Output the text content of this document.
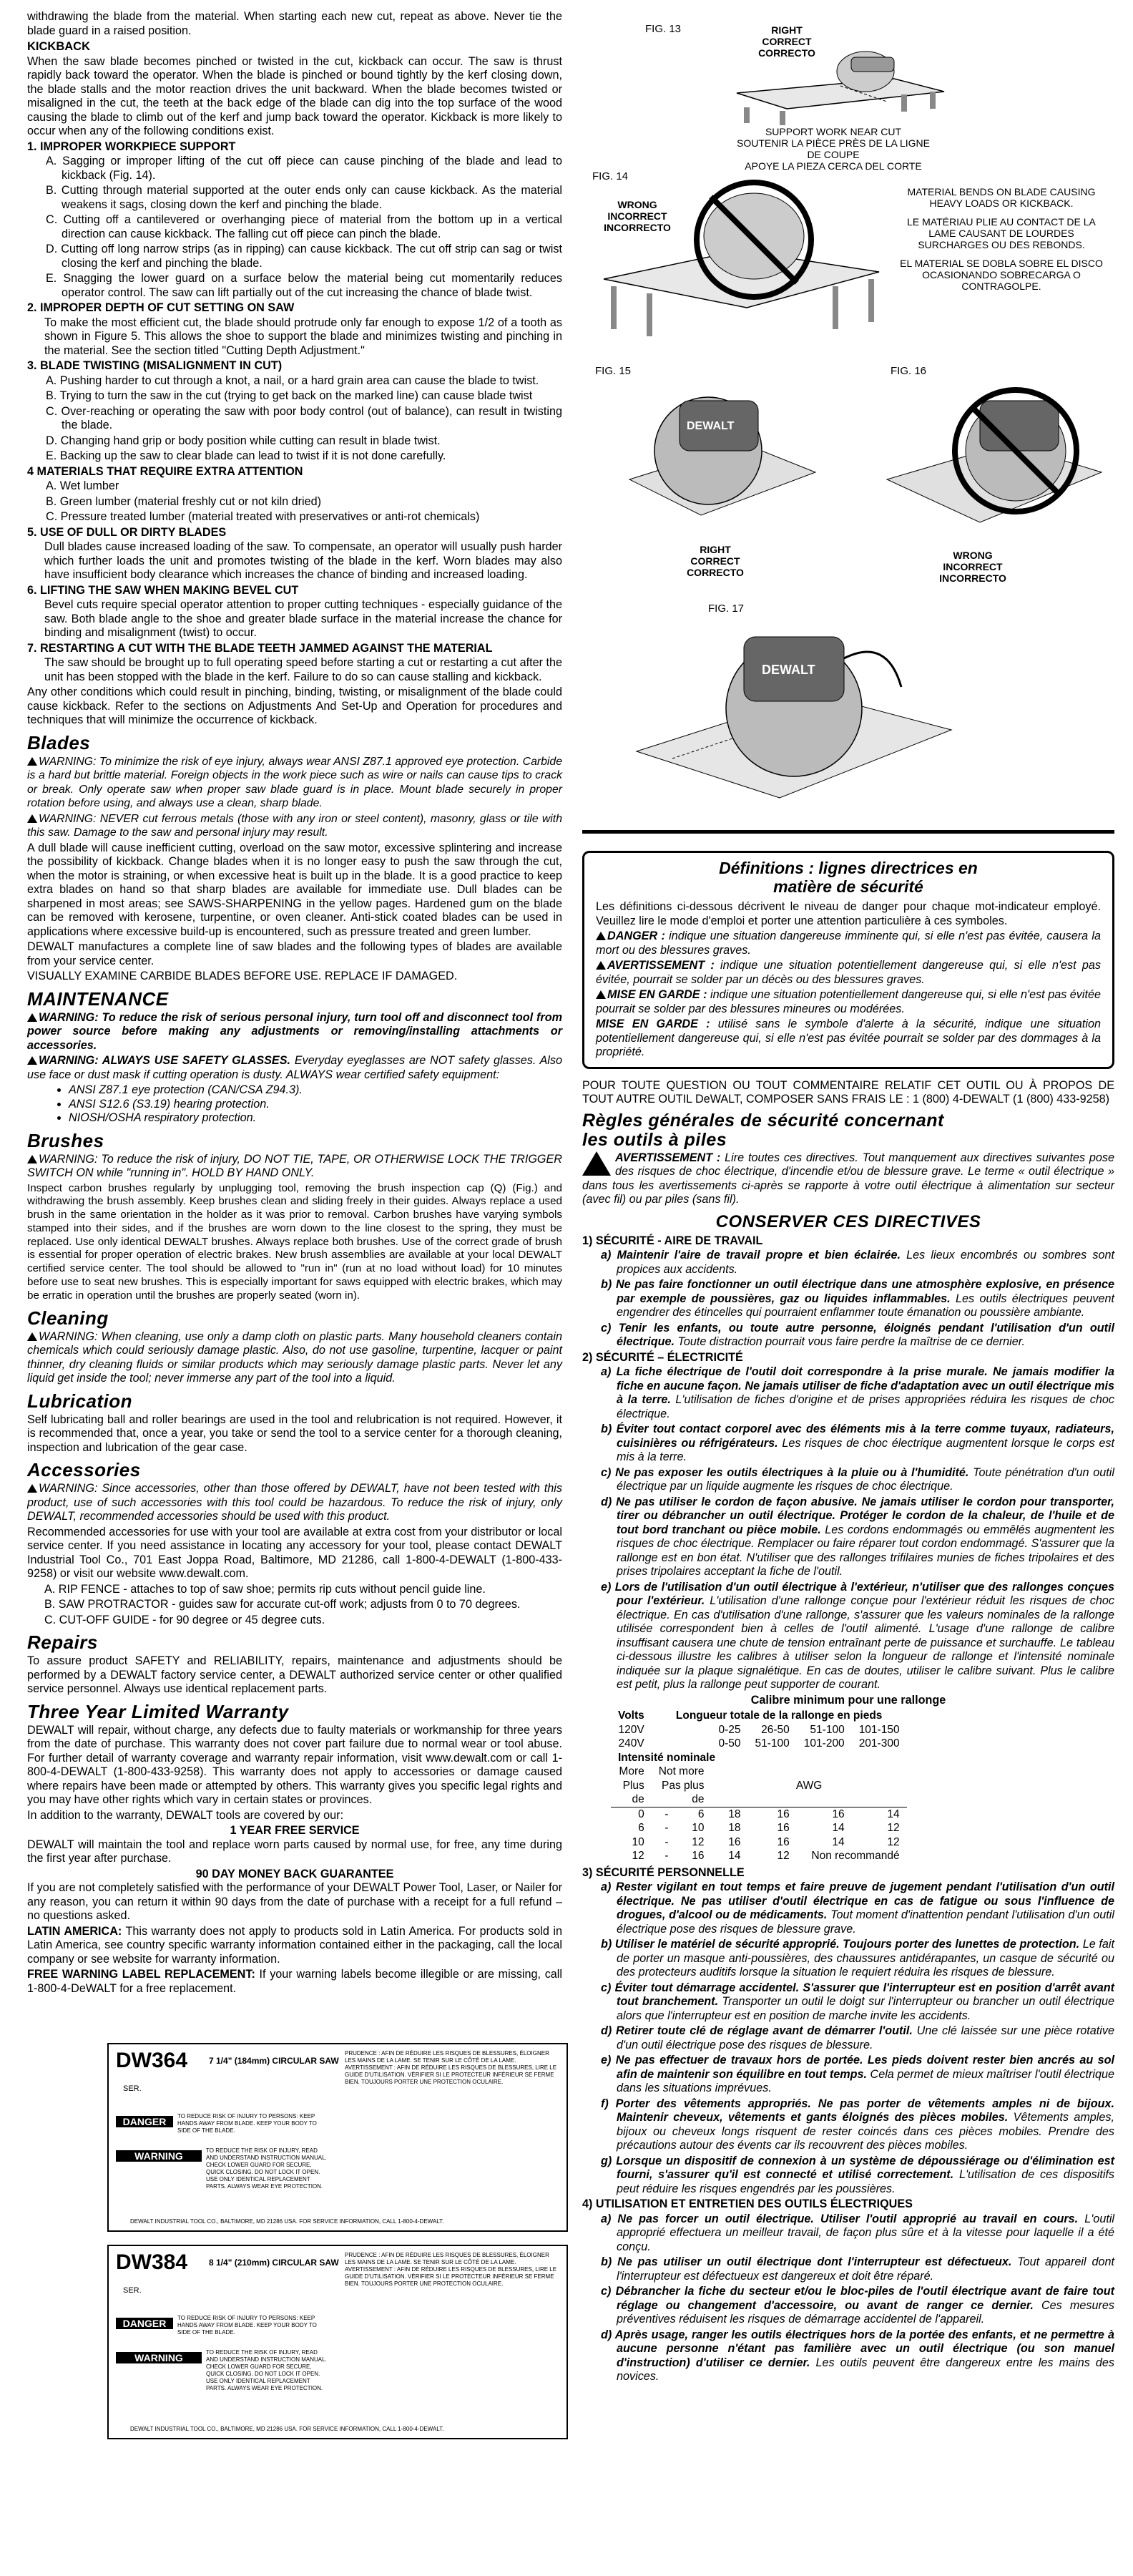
withdrawing the blade from the material. When starting each new cut, repeat as above. Never tie the blade guard in a raised position.

KICKBACK

When the saw blade becomes pinched or twisted in the cut, kickback can occur. The saw is thrust rapidly back toward the operator. When the blade is pinched or bound tightly by the kerf closing down, the blade stalls and the motor reaction drives the unit backward. When the blade becomes twisted or misaligned in the cut, the teeth at the back edge of the blade can dig into the top surface of the wood causing the blade to climb out of the kerf and jump back toward the operator. Kickback is more likely to occur when any of the following conditions exist.

1. IMPROPER WORKPIECE SUPPORT

A. Sagging or improper lifting of the cut off piece can cause pinching of the blade and lead to kickback (Fig. 14).

B. Cutting through material supported at the outer ends only can cause kickback. As the material weakens it sags, closing down the kerf and pinching the blade.

C. Cutting off a cantilevered or overhanging piece of material from the bottom up in a vertical direction can cause kickback. The falling cut off piece can pinch the blade.

D. Cutting off long narrow strips (as in ripping) can cause kickback. The cut off strip can sag or twist closing the kerf and pinching the blade.

E. Snagging the lower guard on a surface below the material being cut momentarily reduces operator control. The saw can lift partially out of the cut increasing the chance of blade twist.

2. IMPROPER DEPTH OF CUT SETTING ON SAW

To make the most efficient cut, the blade should protrude only far enough to expose 1/2 of a tooth as shown in Figure 5. This allows the shoe to support the blade and minimizes twisting and pinching in the material. See the section titled "Cutting Depth Adjustment."

3. BLADE TWISTING (MISALIGNMENT IN CUT)

A. Pushing harder to cut through a knot, a nail, or a hard grain area can cause the blade to twist.

B. Trying to turn the saw in the cut (trying to get back on the marked line) can cause blade twist

C. Over-reaching or operating the saw with poor body control (out of balance), can result in twisting the blade.

D. Changing hand grip or body position while cutting can result in blade twist.

E. Backing up the saw to clear blade can lead to twist if it is not done carefully.

4 MATERIALS THAT REQUIRE EXTRA ATTENTION

A. Wet lumber

B. Green lumber (material freshly cut or not kiln dried)

C. Pressure treated lumber (material treated with preservatives or anti-rot chemicals)

5. USE OF DULL OR DIRTY BLADES

Dull blades cause increased loading of the saw. To compensate, an operator will usually push harder which further loads the unit and promotes twisting of the blade in the kerf. Worn blades may also have insufficient body clearance which increases the chance of binding and increased loading.

6. LIFTING THE SAW WHEN MAKING BEVEL CUT

Bevel cuts require special operator attention to proper cutting techniques - especially guidance of the saw. Both blade angle to the shoe and greater blade surface in the material increase the chance for binding and misalignment (twist) to occur.

7. RESTARTING A CUT WITH THE BLADE TEETH JAMMED AGAINST THE MATERIAL

The saw should be brought up to full operating speed before starting a cut or restarting a cut after the unit has been stopped with the blade in the kerf. Failure to do so can cause stalling and kickback.

Any other conditions which could result in pinching, binding, twisting, or misalignment of the blade could cause kickback. Refer to the sections on Adjustments And Set-Up and Operation for procedures and techniques that will minimize the occurrence of kickback.

Blades

WARNING: To minimize the risk of eye injury, always wear ANSI Z87.1 approved eye protection. Carbide is a hard but brittle material. Foreign objects in the work piece such as wire or nails can cause tips to crack or break. Only operate saw when proper saw blade guard is in place. Mount blade securely in proper rotation before using, and always use a clean, sharp blade.

WARNING: NEVER cut ferrous metals (those with any iron or steel content), masonry, glass or tile with this saw. Damage to the saw and personal injury may result.

A dull blade will cause inefficient cutting, overload on the saw motor, excessive splintering and increase the possibility of kickback. Change blades when it is no longer easy to push the saw through the cut, when the motor is straining, or when excessive heat is built up in the blade. It is a good practice to keep extra blades on hand so that sharp blades are available for immediate use. Dull blades can be sharpened in most areas; see SAWS-SHARPENING in the yellow pages. Hardened gum on the blade can be removed with kerosene, turpentine, or oven cleaner. Anti-stick coated blades can be used in applications where excessive build-up is encountered, such as pressure treated and green lumber.

DEWALT manufactures a complete line of saw blades and the following types of blades are available from your service center.

VISUALLY EXAMINE CARBIDE BLADES BEFORE USE. REPLACE IF DAMAGED.

MAINTENANCE

WARNING: To reduce the risk of serious personal injury, turn tool off and disconnect tool from power source before making any adjustments or removing/installing attachments or accessories.

WARNING: ALWAYS USE SAFETY GLASSES. Everyday eyeglasses are NOT safety glasses. Also use face or dust mask if cutting operation is dusty. ALWAYS wear certified safety equipment:

• ANSI Z87.1 eye protection (CAN/CSA Z94.3).
• ANSI S12.6 (S3.19) hearing protection.
• NIOSH/OSHA respiratory protection.
Brushes

WARNING: To reduce the risk of injury, DO NOT TIE, TAPE, OR OTHERWISE LOCK THE TRIGGER SWITCH ON while "running in". HOLD BY HAND ONLY.

Inspect carbon brushes regularly by unplugging tool, removing the brush inspection cap (Q) (Fig.) and withdrawing the brush assembly. Keep brushes clean and sliding freely in their guides. Always replace a used brush in the same orientation in the holder as it was prior to removal. Carbon brushes have varying symbols stamped into their sides, and if the brushes are worn down to the line closest to the spring, they must be replaced. Use only identical DEWALT brushes. Always replace both brushes. Use of the correct grade of brush is essential for proper operation of electric brakes. New brush assemblies are available at your local DEWALT certified service center. The tool should be allowed to "run in" (run at no load without load) for 10 minutes before use to seat new brushes. This is especially important for saws equipped with electric brakes, which may be erratic in operation until the brushes are properly seated (worn in).

Cleaning

WARNING: When cleaning, use only a damp cloth on plastic parts. Many household cleaners contain chemicals which could seriously damage plastic. Also, do not use gasoline, turpentine, lacquer or paint thinner, dry cleaning fluids or similar products which may seriously damage plastic parts. Never let any liquid get inside the tool; never immerse any part of the tool into a liquid.

Lubrication

Self lubricating ball and roller bearings are used in the tool and relubrication is not required. However, it is recommended that, once a year, you take or send the tool to a service center for a thorough cleaning, inspection and lubrication of the gear case.

Accessories

WARNING: Since accessories, other than those offered by DEWALT, have not been tested with this product, use of such accessories with this tool could be hazardous. To reduce the risk of injury, only DEWALT, recommended accessories should be used with this product.

Recommended accessories for use with your tool are available at extra cost from your distributor or local service center. If you need assistance in locating any accessory for your tool, please contact DEWALT Industrial Tool Co., 701 East Joppa Road, Baltimore, MD 21286, call 1-800-4-DEWALT (1-800-433-9258) or visit our website www.dewalt.com.

A. RIP FENCE - attaches to top of saw shoe; permits rip cuts without pencil guide line.

B. SAW PROTRACTOR - guides saw for accurate cut-off work; adjusts from 0 to 70 degrees.

C. CUT-OFF GUIDE - for 90 degree or 45 degree cuts.

Repairs

To assure product SAFETY and RELIABILITY, repairs, maintenance and adjustments should be performed by a DEWALT factory service center, a DEWALT authorized service center or other qualified service personnel. Always use identical replacement parts.

Three Year Limited Warranty

DEWALT will repair, without charge, any defects due to faulty materials or workmanship for three years from the date of purchase. This warranty does not cover part failure due to normal wear or tool abuse. For further detail of warranty coverage and warranty repair information, visit www.dewalt.com or call 1-800-4-DEWALT (1-800-433-9258). This warranty does not apply to accessories or damage caused where repairs have been made or attempted by others. This warranty gives you specific legal rights and you may have other rights which vary in certain states or provinces.

In addition to the warranty, DEWALT tools are covered by our:

1 YEAR FREE SERVICE

DEWALT will maintain the tool and replace worn parts caused by normal use, for free, any time during the first year after purchase.

90 DAY MONEY BACK GUARANTEE

If you are not completely satisfied with the performance of your DEWALT Power Tool, Laser, or Nailer for any reason, you can return it within 90 days from the date of purchase with a receipt for a full refund – no questions asked.

LATIN AMERICA: This warranty does not apply to products sold in Latin America. For products sold in Latin America, see country specific warranty information contained either in the packaging, call the local company or see website for warranty information.

FREE WARNING LABEL REPLACEMENT: If your warning labels become illegible or are missing, call 1-800-4-DeWALT for a free replacement.

DW364 7 1/4" (184mm) CIRCULAR SAW
SER.
DANGER	TO REDUCE RISK OF INJURY TO PERSONS: KEEP HANDS AWAY FROM BLADE. KEEP YOUR BODY TO SIDE OF THE BLADE.
WARNING	TO REDUCE THE RISK OF INJURY, READ AND UNDERSTAND INSTRUCTION MANUAL. CHECK LOWER GUARD FOR SECURE, QUICK CLOSING. DO NOT LOCK IT OPEN. USE ONLY IDENTICAL REPLACEMENT PARTS. ALWAYS WEAR EYE PROTECTION.
PRUDENCE : AFIN DE RÉDUIRE LES RISQUES DE BLESSURES, ÉLOIGNER LES MAINS DE LA LAME. SE TENIR SUR LE CÔTÉ DE LA LAME. AVERTISSEMENT : AFIN DE RÉDUIRE LES RISQUES DE BLESSURES, LIRE LE GUIDE D'UTILISATION. VÉRIFIER SI LE PROTECTEUR INFÉRIEUR SE FERME BIEN. TOUJOURS PORTER UNE PROTECTION OCULAIRE.
DEWALT INDUSTRIAL TOOL CO., BALTIMORE, MD 21286 USA. FOR SERVICE INFORMATION, CALL 1-800-4-DEWALT.
DW384 8 1/4" (210mm) CIRCULAR SAW
SER.
DANGER	TO REDUCE RISK OF INJURY TO PERSONS: KEEP HANDS AWAY FROM BLADE. KEEP YOUR BODY TO SIDE OF THE BLADE.
WARNING	TO REDUCE THE RISK OF INJURY, READ AND UNDERSTAND INSTRUCTION MANUAL. CHECK LOWER GUARD FOR SECURE, QUICK CLOSING. DO NOT LOCK IT OPEN. USE ONLY IDENTICAL REPLACEMENT PARTS. ALWAYS WEAR EYE PROTECTION.
PRUDENCE : AFIN DE RÉDUIRE LES RISQUES DE BLESSURES, ÉLOIGNER LES MAINS DE LA LAME. SE TENIR SUR LE CÔTÉ DE LA LAME. AVERTISSEMENT : AFIN DE RÉDUIRE LES RISQUES DE BLESSURES, LIRE LE GUIDE D'UTILISATION. VÉRIFIER SI LE PROTECTEUR INFÉRIEUR SE FERME BIEN. TOUJOURS PORTER UNE PROTECTION OCULAIRE.
DEWALT INDUSTRIAL TOOL CO., BALTIMORE, MD 21286 USA. FOR SERVICE INFORMATION, CALL 1-800-4-DEWALT.
FIG. 13	RIGHT
CORRECT
CORRECTO
SUPPORT WORK NEAR CUT
SOUTENIR LA PIÈCE PRÈS DE LA LIGNE DE COUPE
APOYE LA PIEZA CERCA DEL CORTE
FIG. 14
WRONG
INCORRECT
INCORRECTO
MATERIAL BENDS ON BLADE CAUSING HEAVY LOADS OR KICKBACK.
LE MATÉRIAU PLIE AU CONTACT DE LA LAME CAUSANT DE LOURDES SURCHARGES OU DES REBONDS.
EL MATERIAL SE DOBLA SOBRE EL DISCO OCASIONANDO SOBRECARGA O CONTRAGOLPE.
FIG. 15
DEWALT
RIGHT
CORRECT
CORRECTO
FIG. 16
WRONG
INCORRECT
INCORRECTO
FIG. 17
DEWALT
Définitions : lignes directrices en
matière de sécurité

Les définitions ci-dessous décrivent le niveau de danger pour chaque mot-indicateur employé. Veuillez lire le mode d'emploi et porter une attention particulière à ces symboles.

DANGER : indique une situation dangereuse imminente qui, si elle n'est pas évitée, causera la mort ou des blessures graves.

AVERTISSEMENT : indique une situation potentiellement dangereuse qui, si elle n'est pas évitée, pourrait se solder par un décès ou des blessures graves.

MISE EN GARDE : indique une situation potentiellement dangereuse qui, si elle n'est pas évitée pourrait se solder par des blessures mineures ou modérées.

MISE EN GARDE : utilisé sans le symbole d'alerte à la sécurité, indique une situation potentiellement dangereuse qui, si elle n'est pas évitée pourrait se solder par des dommages à la propriété.

POUR TOUTE QUESTION OU TOUT COMMENTAIRE RELATIF CET OUTIL OU À PROPOS DE TOUT AUTRE OUTIL DeWALT, COMPOSER SANS FRAIS LE : 1 (800) 4-DEWALT (1 (800) 433-9258)

Règles générales de sécurité concernant
les outils à piles

AVERTISSEMENT : Lire toutes ces directives. Tout manquement aux directives suivantes pose des risques de choc électrique, d'incendie et/ou de blessure grave. Le terme « outil électrique » dans tous les avertissements ci-après se rapporte à votre outil électrique à alimentation sur secteur (avec fil) ou par piles (sans fil).

CONSERVER CES DIRECTIVES
1) SÉCURITÉ - AIRE DE TRAVAIL

a) Maintenir l'aire de travail propre et bien éclairée. Les lieux encombrés ou sombres sont propices aux accidents.

b) Ne pas faire fonctionner un outil électrique dans une atmosphère explosive, en présence par exemple de poussières, gaz ou liquides inflammables. Les outils électriques peuvent engendrer des étincelles qui pourraient enflammer toute émanation ou poussière ambiante.

c) Tenir les enfants, ou toute autre personne, éloignés pendant l'utilisation d'un outil électrique. Toute distraction pourrait vous faire perdre la maîtrise de ce dernier.

2) SÉCURITÉ – ÉLECTRICITÉ

a) La fiche électrique de l'outil doit correspondre à la prise murale. Ne jamais modifier la fiche en aucune façon. Ne jamais utiliser de fiche d'adaptation avec un outil électrique mis à la terre. L'utilisation de fiches d'origine et de prises appropriées réduira les risques de choc électrique.

b) Éviter tout contact corporel avec des éléments mis à la terre comme tuyaux, radiateurs, cuisinières ou réfrigérateurs. Les risques de choc électrique augmentent lorsque le corps est mis à la terre.

c) Ne pas exposer les outils électriques à la pluie ou à l'humidité. Toute pénétration d'un outil électrique par un liquide augmente les risques de choc électrique.

d) Ne pas utiliser le cordon de façon abusive. Ne jamais utiliser le cordon pour transporter, tirer ou débrancher un outil électrique. Protéger le cordon de la chaleur, de l'huile et de tout bord tranchant ou pièce mobile. Les cordons endommagés ou emmêlés augmentent les risques de choc électrique. Remplacer ou faire réparer tout cordon endommagé. S'assurer que la rallonge est en bon état. N'utiliser que des rallonges trifilaires munies de fiches tripolaires et des prises tripolaires acceptant la fiche de l'outil.

e) Lors de l'utilisation d'un outil électrique à l'extérieur, n'utiliser que des rallonges conçues pour l'extérieur. L'utilisation d'une rallonge conçue pour l'extérieur réduit les risques de choc électrique. En cas d'utilisation d'une rallonge, s'assurer que les valeurs nominales de la rallonge utilisée correspondent bien à celles de l'outil alimenté. L'usage d'une rallonge de calibre insuffisant causera une chute de tension entraînant perte de puissance et surchauffe. Le tableau ci-dessous illustre les calibres à utiliser selon la longueur de rallonge et l'intensité nominale indiquée sur la plaque signalétique. En cas de doutes, utiliser le calibre suivant. Plus le calibre est petit, plus la rallonge peut supporter de courant.

Calibre minimum pour une rallonge
Volts	Longueur totale de la rallonge en pieds					
120V			0-25	26-50	51-100	101-150
240V			0-50	51-100	101-200	201-300
Intensité nominale						
More	Not more					
Plus	Pas plus		AWG			
de	de					
0	-	6	18	16	16	14
6	-	10	18	16	14	12
10	-	12	16	16	14	12
12	-	16	14	12	Non recommandé	
3) SÉCURITÉ PERSONNELLE

a) Rester vigilant en tout temps et faire preuve de jugement pendant l'utilisation d'un outil électrique. Ne pas utiliser d'outil électrique en cas de fatigue ou sous l'influence de drogues, d'alcool ou de médicaments. Tout moment d'inattention pendant l'utilisation d'un outil électrique pose des risques de blessure grave.

b) Utiliser le matériel de sécurité approprié. Toujours porter des lunettes de protection. Le fait de porter un masque anti-poussières, des chaussures antidérapantes, un casque de sécurité ou des protecteurs auditifs lorsque la situation le requiert réduira les risques de blessure.

c) Éviter tout démarrage accidentel. S'assurer que l'interrupteur est en position d'arrêt avant tout branchement. Transporter un outil le doigt sur l'interrupteur ou brancher un outil électrique alors que l'interrupteur est en position de marche invite les accidents.

d) Retirer toute clé de réglage avant de démarrer l'outil. Une clé laissée sur une pièce rotative d'un outil électrique pose des risques de blessure.

e) Ne pas effectuer de travaux hors de portée. Les pieds doivent rester bien ancrés au sol afin de maintenir son équilibre en tout temps. Cela permet de mieux maîtriser l'outil électrique dans les situations imprévues.

f) Porter des vêtements appropriés. Ne pas porter de vêtements amples ni de bijoux. Maintenir cheveux, vêtements et gants éloignés des pièces mobiles. Vêtements amples, bijoux ou cheveux longs risquent de rester coincés dans ces pièces mobiles. Prendre des précautions autour des évents car ils recouvrent des pièces mobiles.

g) Lorsque un dispositif de connexion à un système de dépoussiérage ou d'élimination est fourni, s'assurer qu'il est connecté et utilisé correctement. L'utilisation de ces dispositifs peut réduire les risques engendrés par les poussières.

4) UTILISATION ET ENTRETIEN DES OUTILS ÉLECTRIQUES

a) Ne pas forcer un outil électrique. Utiliser l'outil approprié au travail en cours. L'outil approprié effectuera un meilleur travail, de façon plus sûre et à la vitesse pour laquelle il a été conçu.

b) Ne pas utiliser un outil électrique dont l'interrupteur est défectueux. Tout appareil dont l'interrupteur est défectueux est dangereux et doit être réparé.

c) Débrancher la fiche du secteur et/ou le bloc-piles de l'outil électrique avant de faire tout réglage ou changement d'accessoire, ou avant de ranger ce dernier. Ces mesures préventives réduisent les risques de démarrage accidentel de l'appareil.

d) Après usage, ranger les outils électriques hors de la portée des enfants, et ne permettre à aucune personne n'étant pas familière avec un outil électrique (ou son manuel d'instruction) d'utiliser ce dernier. Les outils peuvent être dangereux entre les mains des novices.
